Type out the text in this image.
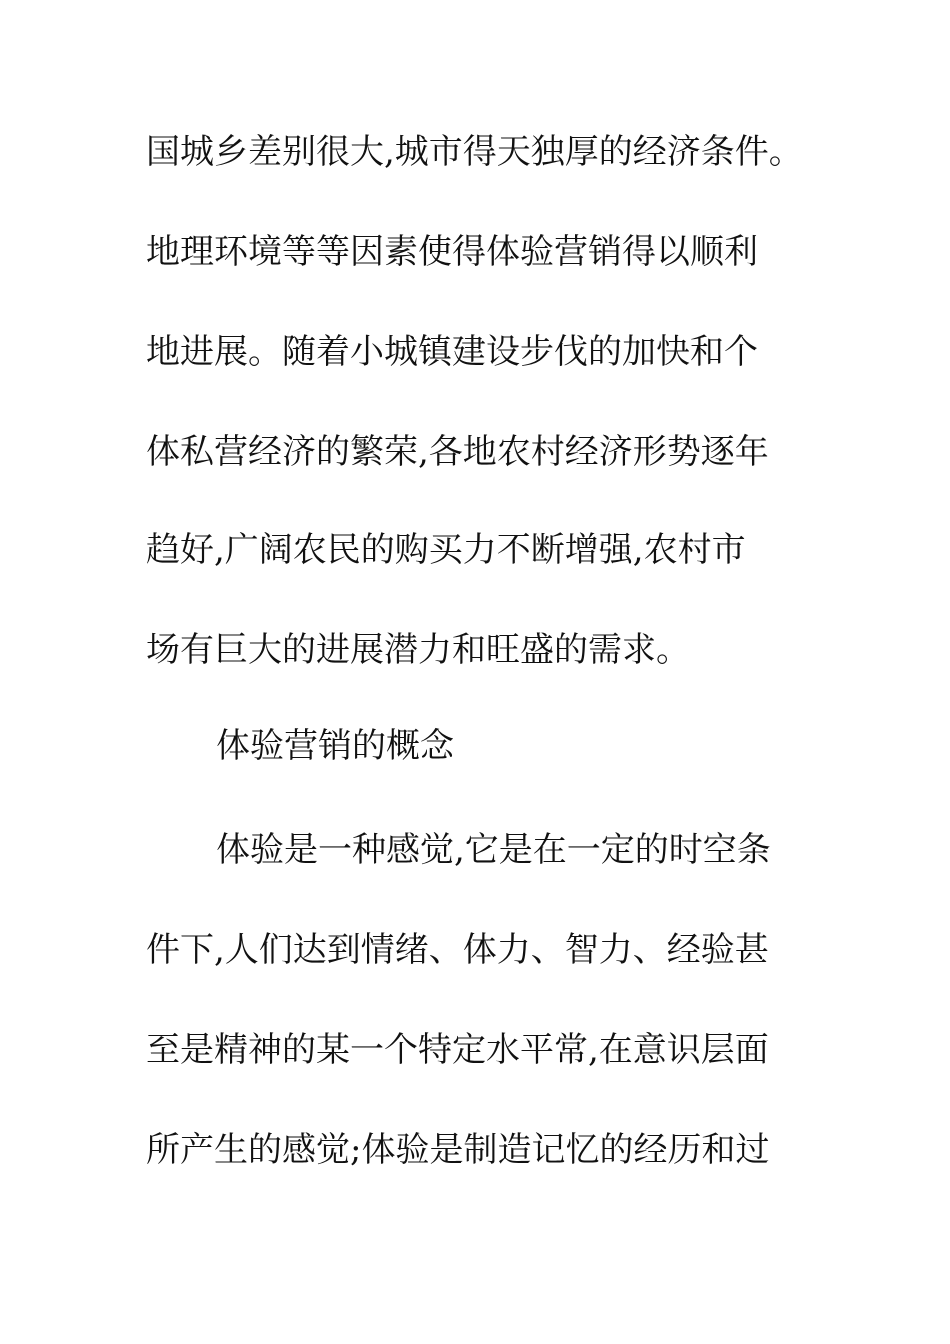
国城乡差别很大,城市得天独厚的经济条件。
地理环境等等因素使得体验营销得以顺利
地进展。随着小城镇建设步伐的加快和个
体私营经济的繁荣,各地农村经济形势逐年
趋好,广阔农民的购买力不断增强,农村市
场有巨大的进展潜力和旺盛的需求。
体验营销的概念
体验是一种感觉,它是在一定的时空条
件下,人们达到情绪、体力、智力、经验甚
至是精神的某一个特定水平常,在意识层面
所产生的感觉;体验是制造记忆的经历和过
